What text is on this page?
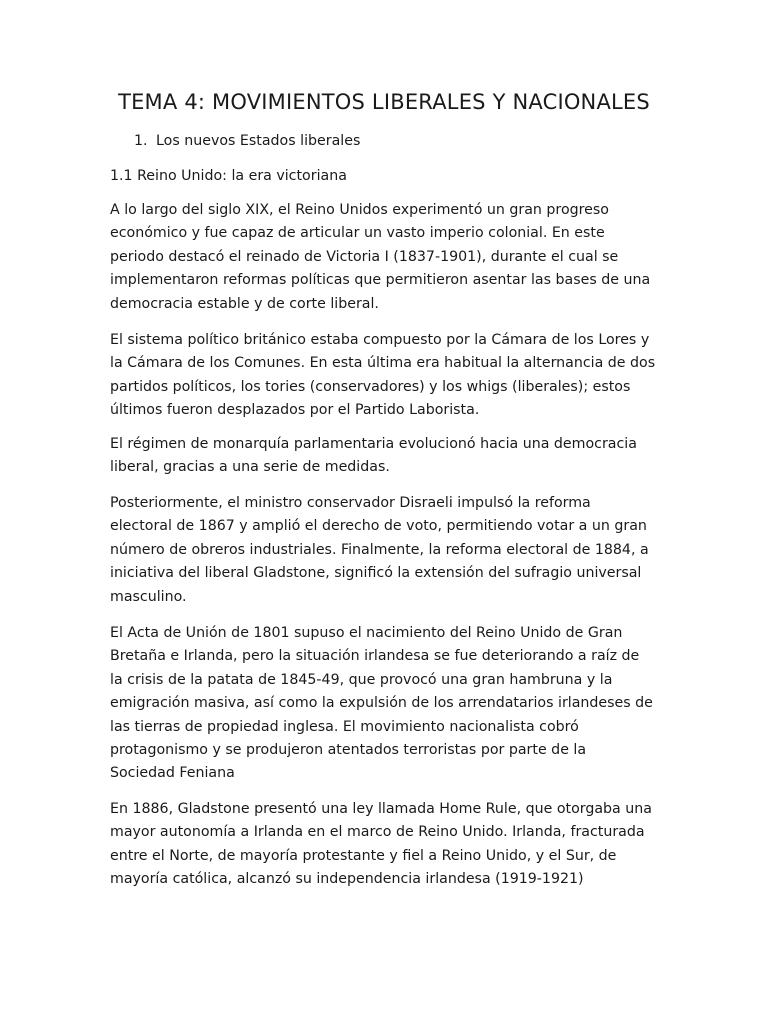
TEMA 4: MOVIMIENTOS LIBERALES Y NACIONALES

1. Los nuevos Estados liberales

1.1 Reino Unido: la era victoriana

A lo largo del siglo XIX, el Reino Unidos experimentó un gran progreso
económico y fue capaz de articular un vasto imperio colonial. En este
periodo destacó el reinado de Victoria I (1837-1901), durante el cual se
implementaron reformas políticas que permitieron asentar las bases de una
democracia estable y de corte liberal.

El sistema político británico estaba compuesto por la Cámara de los Lores y
la Cámara de los Comunes. En esta última era habitual la alternancia de dos
partidos políticos, los tories (conservadores) y los whigs (liberales); estos
últimos fueron desplazados por el Partido Laborista.

El régimen de monarquía parlamentaria evolucionó hacia una democracia
liberal, gracias a una serie de medidas.

Posteriormente, el ministro conservador Disraeli impulsó la reforma
electoral de 1867 y amplió el derecho de voto, permitiendo votar a un gran
número de obreros industriales. Finalmente, la reforma electoral de 1884, a
iniciativa del liberal Gladstone, significó la extensión del sufragio universal
masculino.

El Acta de Unión de 1801 supuso el nacimiento del Reino Unido de Gran
Bretaña e Irlanda, pero la situación irlandesa se fue deteriorando a raíz de
la crisis de la patata de 1845-49, que provocó una gran hambruna y la
emigración masiva, así como la expulsión de los arrendatarios irlandeses de
las tierras de propiedad inglesa. El movimiento nacionalista cobró
protagonismo y se produjeron atentados terroristas por parte de la
Sociedad Feniana

En 1886, Gladstone presentó una ley llamada Home Rule, que otorgaba una
mayor autonomía a Irlanda en el marco de Reino Unido. Irlanda, fracturada
entre el Norte, de mayoría protestante y fiel a Reino Unido, y el Sur, de
mayoría católica, alcanzó su independencia irlandesa (1919-1921)
